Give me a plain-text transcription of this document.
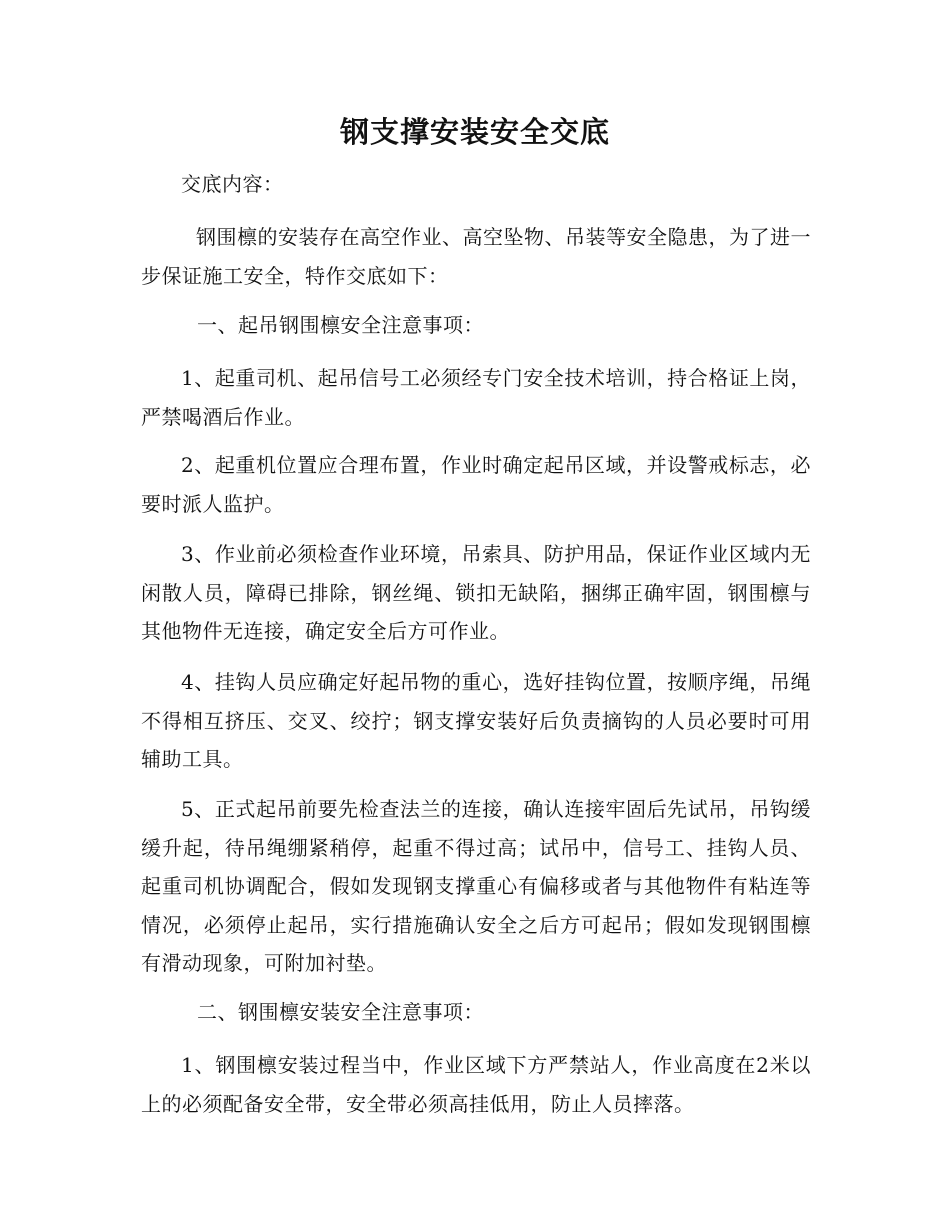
钢支撑安装安全交底

交底内容：

钢围檩的安装存在高空作业、高空坠物、吊装等安全隐患，为了进一步保证施工安全，特作交底如下：

一、起吊钢围檩安全注意事项：

1、起重司机、起吊信号工必须经专门安全技术培训，持合格证上岗，严禁喝酒后作业。

2、起重机位置应合理布置，作业时确定起吊区域，并设警戒标志，必要时派人监护。

3、作业前必须检查作业环境，吊索具、防护用品，保证作业区域内无闲散人员，障碍已排除，钢丝绳、锁扣无缺陷，捆绑正确牢固，钢围檩与其他物件无连接，确定安全后方可作业。

4、挂钩人员应确定好起吊物的重心，选好挂钩位置，按顺序绳，吊绳不得相互挤压、交叉、绞拧；钢支撑安装好后负责摘钩的人员必要时可用辅助工具。

5、正式起吊前要先检查法兰的连接，确认连接牢固后先试吊，吊钩缓缓升起，待吊绳绷紧稍停，起重不得过高；试吊中，信号工、挂钩人员、起重司机协调配合，假如发现钢支撑重心有偏移或者与其他物件有粘连等情况，必须停止起吊，实行措施确认安全之后方可起吊；假如发现钢围檩有滑动现象，可附加衬垫。

二、钢围檩安装安全注意事项：

1、钢围檩安装过程当中，作业区域下方严禁站人，作业高度在2米以上的必须配备安全带，安全带必须高挂低用，防止人员摔落。
